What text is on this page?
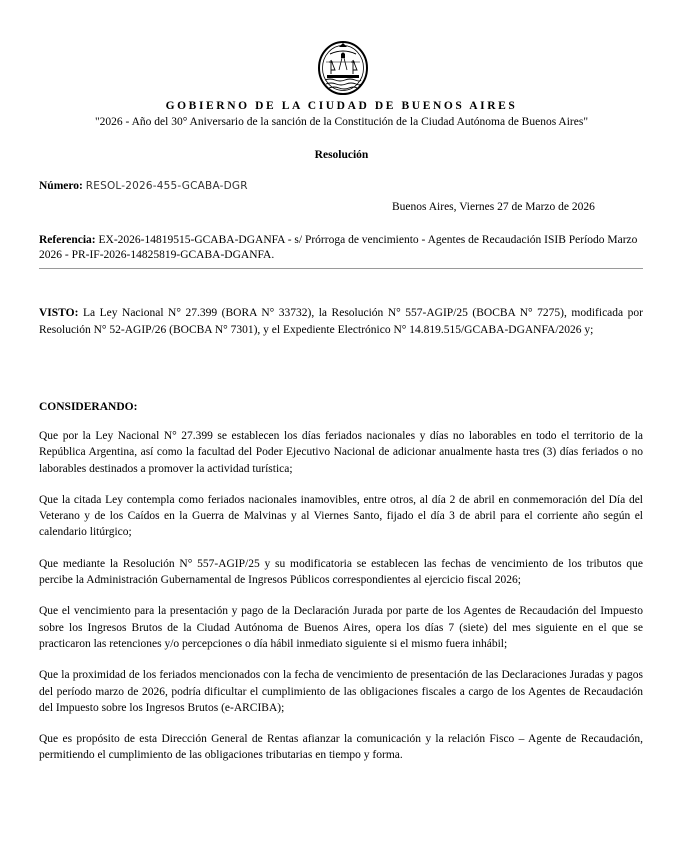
GOBIERNO DE LA CIUDAD DE BUENOS AIRES
"2026 - Año del 30° Aniversario de la sanción de la Constitución de la Ciudad Autónoma de Buenos Aires"
Resolución
Número: RESOL-2026-455-GCABA-DGR
Buenos Aires, Viernes 27 de Marzo de 2026
Referencia: EX-2026-14819515-GCABA-DGANFA - s/ Prórroga de vencimiento - Agentes de Recaudación ISIB Período Marzo 2026 - PR-IF-2026-14825819-GCABA-DGANFA.
VISTO: La Ley Nacional N° 27.399 (BORA N° 33732), la Resolución N° 557-AGIP/25 (BOCBA N° 7275), modificada por Resolución N° 52-AGIP/26 (BOCBA N° 7301), y el Expediente Electrónico N° 14.819.515/GCABA-DGANFA/2026 y;
CONSIDERANDO:

Que por la Ley Nacional N° 27.399 se establecen los días feriados nacionales y días no laborables en todo el territorio de la República Argentina, así como la facultad del Poder Ejecutivo Nacional de adicionar anualmente hasta tres (3) días feriados o no laborables destinados a promover la actividad turística;

Que la citada Ley contempla como feriados nacionales inamovibles, entre otros, al día 2 de abril en conmemoración del Día del Veterano y de los Caídos en la Guerra de Malvinas y al Viernes Santo, fijado el día 3 de abril para el corriente año según el calendario litúrgico;

Que mediante la Resolución N° 557-AGIP/25 y su modificatoria se establecen las fechas de vencimiento de los tributos que percibe la Administración Gubernamental de Ingresos Públicos correspondientes al ejercicio fiscal 2026;

Que el vencimiento para la presentación y pago de la Declaración Jurada por parte de los Agentes de Recaudación del Impuesto sobre los Ingresos Brutos de la Ciudad Autónoma de Buenos Aires, opera los días 7 (siete) del mes siguiente en el que se practicaron las retenciones y/o percepciones o día hábil inmediato siguiente si el mismo fuera inhábil;

Que la proximidad de los feriados mencionados con la fecha de vencimiento de presentación de las Declaraciones Juradas y pagos del período marzo de 2026, podría dificultar el cumplimiento de las obligaciones fiscales a cargo de los Agentes de Recaudación del Impuesto sobre los Ingresos Brutos (e-ARCIBA);

Que es propósito de esta Dirección General de Rentas afianzar la comunicación y la relación Fisco – Agente de Recaudación, permitiendo el cumplimiento de las obligaciones tributarias en tiempo y forma.
